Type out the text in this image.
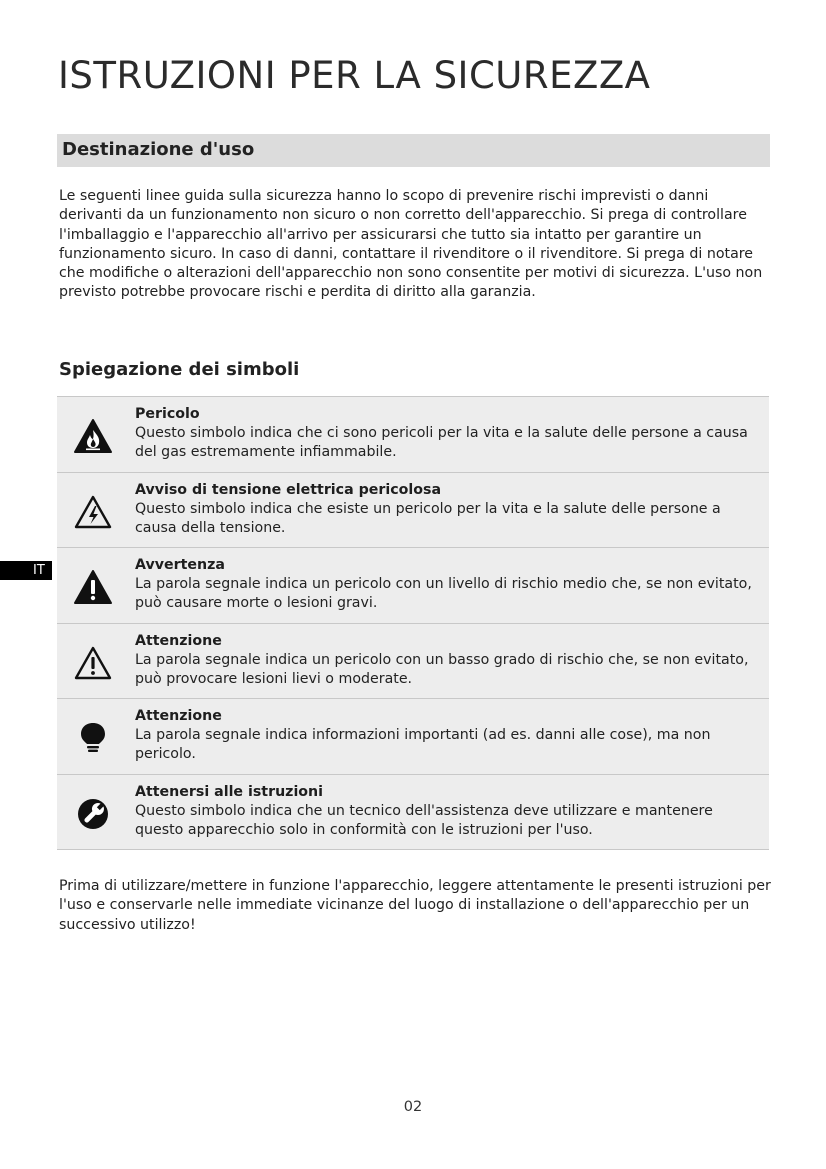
ISTRUZIONI PER LA SICUREZZA
Destinazione d'uso

Le seguenti linee guida sulla sicurezza hanno lo scopo di prevenire rischi imprevisti o danni derivanti da un funzionamento non sicuro o non corretto dell'apparecchio. Si prega di controllare l'imballaggio e l'apparecchio all'arrivo per assicurarsi che tutto sia intatto per garantire un funzionamento sicuro. In caso di danni, contattare il rivenditore o il rivenditore. Si prega di notare che modifiche o alterazioni dell'apparecchio non sono consentite per motivi di sicurezza. L'uso non previsto potrebbe provocare rischi e perdita di diritto alla garanzia.

Spiegazione dei simboli
Pericolo
Questo simbolo indica che ci sono pericoli per la vita e la salute delle persone a causa del gas estremamente infiammabile.
Avviso di tensione elettrica pericolosa
Questo simbolo indica che esiste un pericolo per la vita e la salute delle persone a causa della tensione.
Avvertenza
La parola segnale indica un pericolo con un livello di rischio medio che, se non evitato, può causare morte o lesioni gravi.
Attenzione
La parola segnale indica un pericolo con un basso grado di rischio che, se non evitato, può provocare lesioni lievi o moderate.
Attenzione
La parola segnale indica informazioni importanti (ad es. danni alle cose), ma non pericolo.
Attenersi alle istruzioni
Questo simbolo indica che un tecnico dell'assistenza deve utilizzare e mantenere questo apparecchio solo in conformità con le istruzioni per l'uso.

Prima di utilizzare/mettere in funzione l'apparecchio, leggere attentamente le presenti istruzioni per l'uso e conservarle nelle immediate vicinanze del luogo di installazione o dell'apparecchio per un successivo utilizzo!

IT
02
